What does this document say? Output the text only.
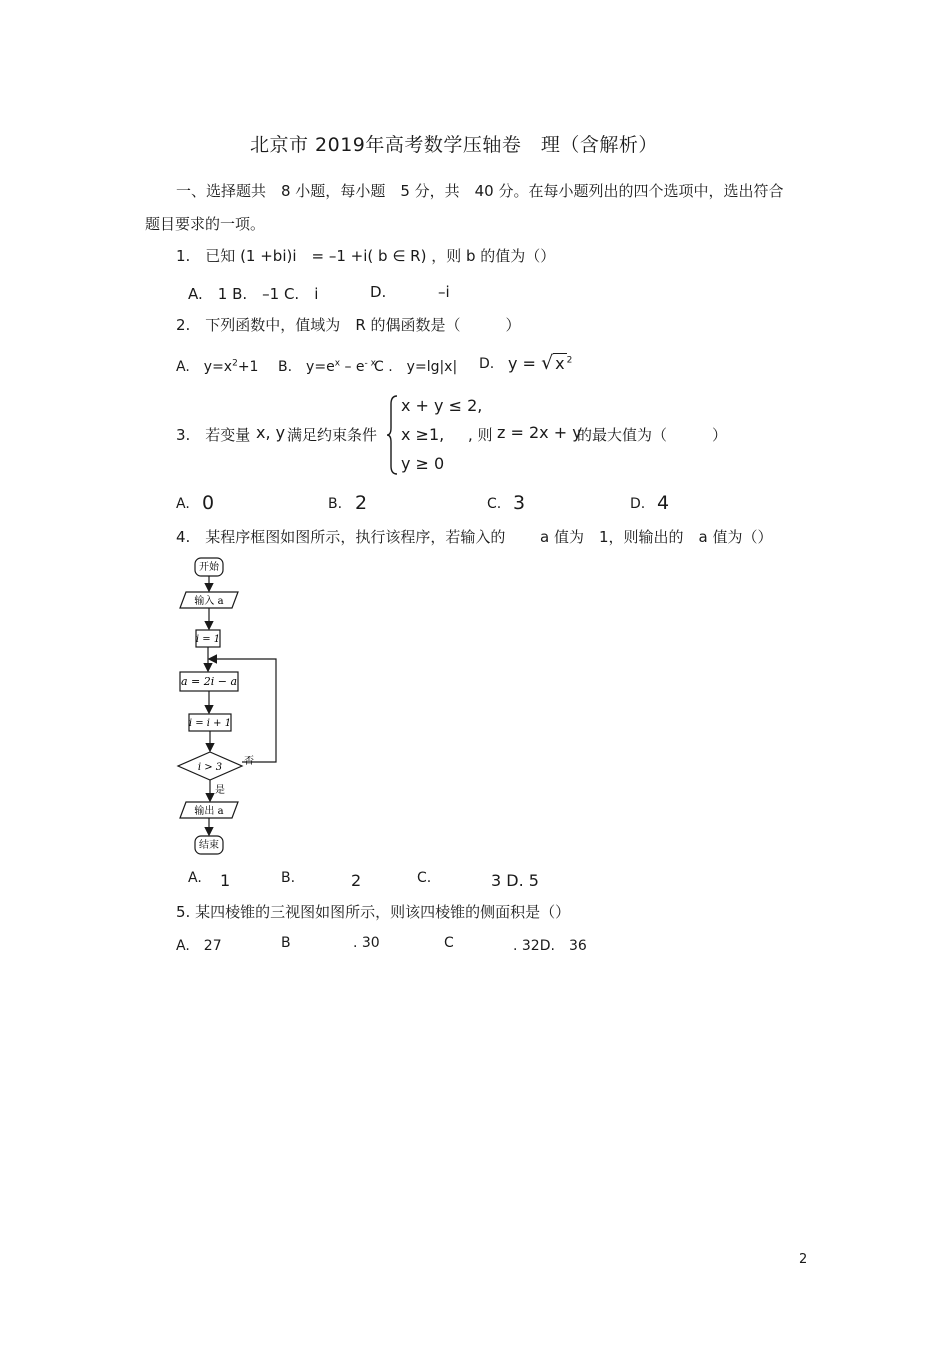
北京市 2019年高考数学压轴卷　理（含解析）
一、选择题共　8 小题，每小题　5 分，共　40 分。在每小题列出的四个选项中，选出符合
题目要求的一项。
1.　已知 (1 +bi)i　= –1 +i( b ∈ R) ，则 b 的值为（）
A.　1 B.　–1 C.　i	D.	–i
2.　下列函数中，值域为　R 的偶函数是（　　　）
A.　$y=x^2+1$ B.　$y=e^x - e^{- x}$
C .　y=lg|x| D. y = √ x $^2$
3.　若变量 x, y 满足约束条件
x + y ≤ 2,
x ≥1,
y ≥ 0
, 则 z = 2x + y
的最大值为（　　　）
A. 0	B. 2	C. 3	D. 4
4.　某程序框图如图所示，执行该程序，若输入的 a 值为　1，则输出的　a 值为（）
开始
输入 a
i = 1
a = 2i − a
i = i + 1
i > 3
否
是
输出 a
结束
A. 1	B.	2	C.	3 D. 5
5. 某四棱锥的三视图如图所示，则该四棱锥的侧面积是（）
A.　27	B	. 30	C	. 32D.　36
2
